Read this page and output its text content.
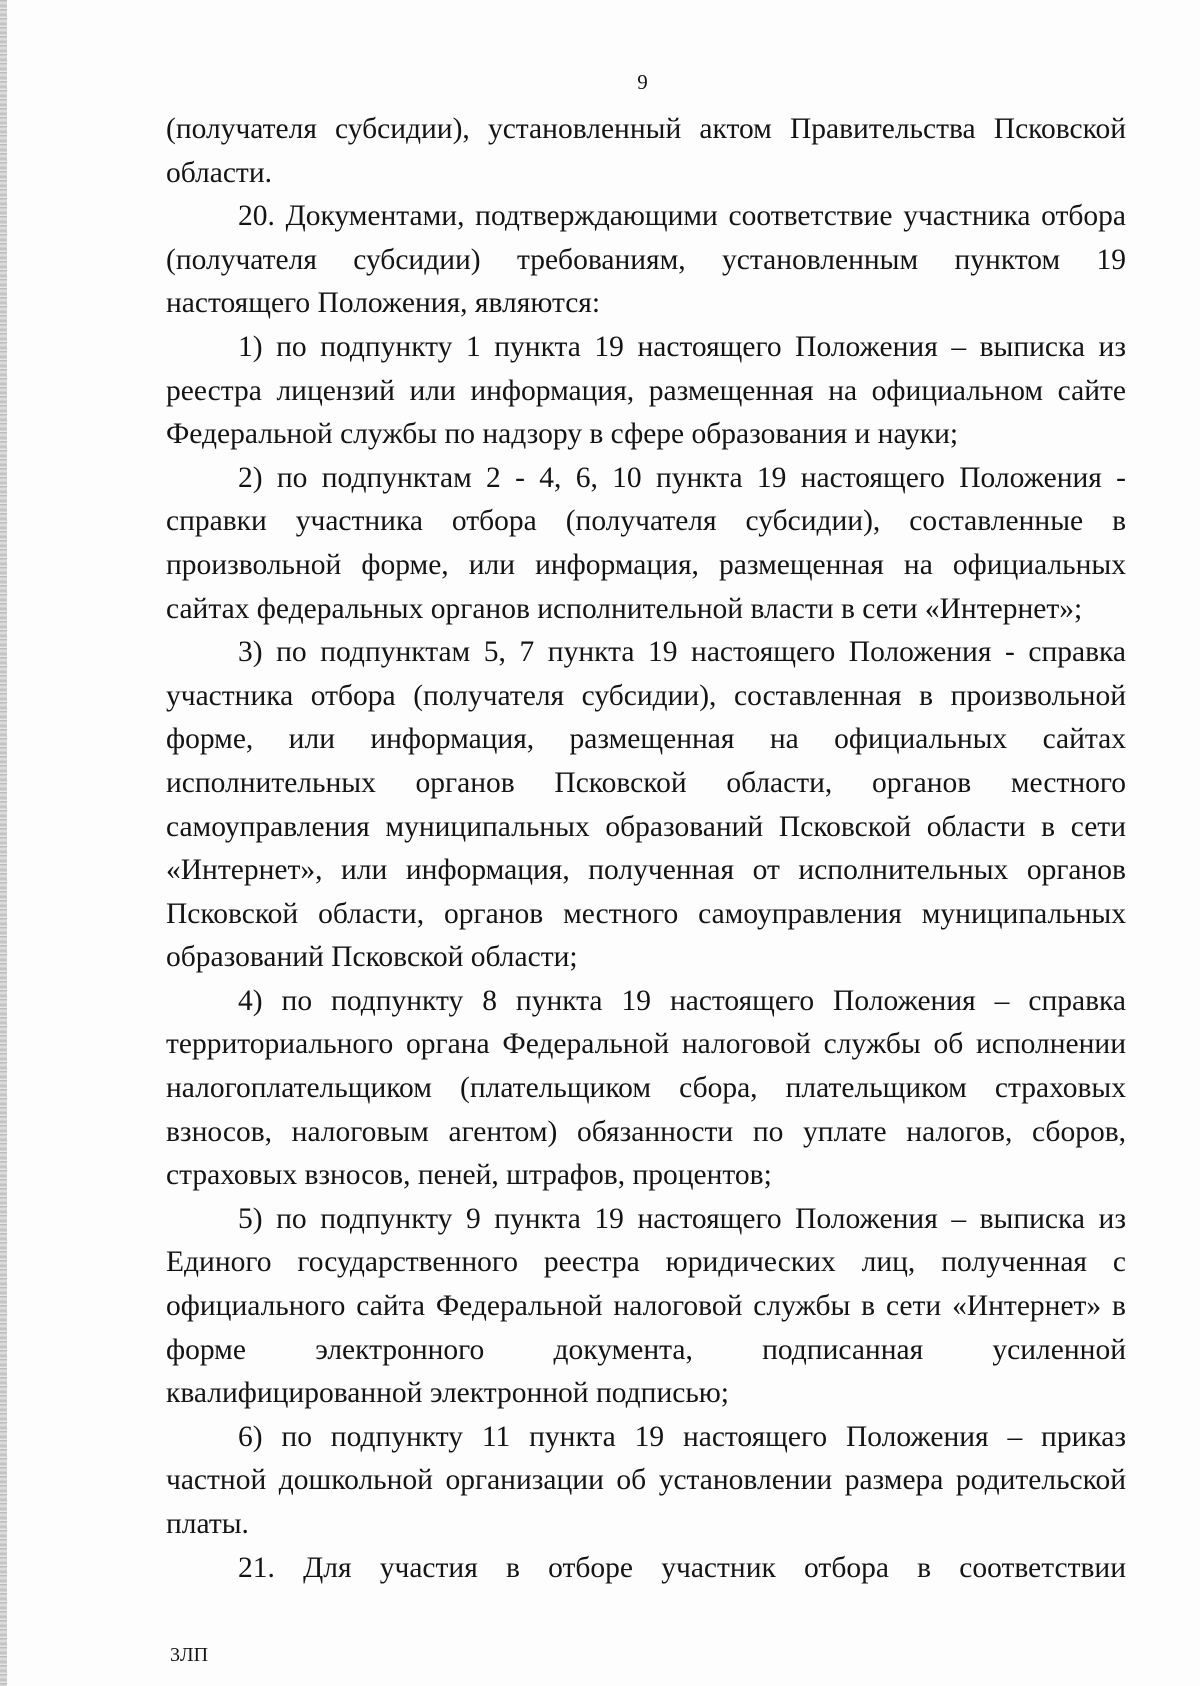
9

(получателя субсидии), установленный актом Правительства Псковской области.

20. Документами, подтверждающими соответствие участника отбора (получателя субсидии) требованиям, установленным пунктом 19 настоящего Положения, являются:

1) по подпункту 1 пункта 19 настоящего Положения – выписка из реестра лицензий или информация, размещенная на официальном сайте Федеральной службы по надзору в сфере образования и науки;

2) по подпунктам 2 - 4, 6, 10 пункта 19 настоящего Положения - справки участника отбора (получателя субсидии), составленные в произвольной форме, или информация, размещенная на официальных сайтах федеральных органов исполнительной власти в сети «Интернет»;

3) по подпунктам 5, 7 пункта 19 настоящего Положения - справка участника отбора (получателя субсидии), составленная в произвольной форме, или информация, размещенная на официальных сайтах исполнительных органов Псковской области, органов местного самоуправления муниципальных образований Псковской области в сети «Интернет», или информация, полученная от исполнительных органов Псковской области, органов местного самоуправления муниципальных образований Псковской области;

4) по подпункту 8 пункта 19 настоящего Положения – справка территориального органа Федеральной налоговой службы об исполнении налогоплательщиком (плательщиком сбора, плательщиком страховых взносов, налоговым агентом) обязанности по уплате налогов, сборов, страховых взносов, пеней, штрафов, процентов;

5) по подпункту 9 пункта 19 настоящего Положения – выписка из Единого государственного реестра юридических лиц, полученная с официального сайта Федеральной налоговой службы в сети «Интернет» в форме электронного документа, подписанная усиленной квалифицированной электронной подписью;

6) по подпункту 11 пункта 19 настоящего Положения – приказ частной дошкольной организации об установлении размера родительской платы.

21. Для участия в отборе участник отбора в соответствии

3ЛП
